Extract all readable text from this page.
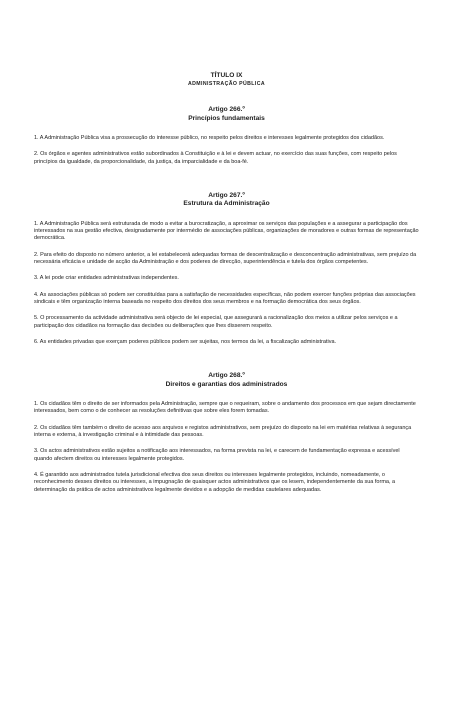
TÍTULO IX
ADMINISTRAÇÃO PÚBLICA
Artigo 266.º
Princípios fundamentais

1. A Administração Pública visa a prossecução do interesse público, no respeito pelos direitos e interesses legalmente protegidos dos cidadãos.

2. Os órgãos e agentes administrativos estão subordinados à Constituição e à lei e devem actuar, no exercício das suas funções, com respeito pelos princípios da igualdade, da proporcionalidade, da justiça, da imparcialidade e da boa-fé.

Artigo 267.º
Estrutura da Administração

1. A Administração Pública será estruturada de modo a evitar a burocratização, a aproximar os serviços das populações e a assegurar a participação dos interessados na sua gestão efectiva, designadamente por intermédio de associações públicas, organizações de moradores e outras formas de representação democrática.

2. Para efeito do disposto no número anterior, a lei estabelecerá adequadas formas de descentralização e desconcentração administrativas, sem prejuízo da necessária eficácia e unidade de acção da Administração e dos poderes de direcção, superintendência e tutela dos órgãos competentes.

3. A lei pode criar entidades administrativas independentes.

4. As associações públicas só podem ser constituídas para a satisfação de necessidades específicas, não podem exercer funções próprias das associações sindicais e têm organização interna baseada no respeito dos direitos dos seus membros e na formação democrática dos seus órgãos.

5. O processamento da actividade administrativa será objecto de lei especial, que assegurará a racionalização dos meios a utilizar pelos serviços e a participação dos cidadãos na formação das decisões ou deliberações que lhes disserem respeito.

6. As entidades privadas que exerçam poderes públicos podem ser sujeitas, nos termos da lei, a fiscalização administrativa.

Artigo 268.º
Direitos e garantias dos administrados

1. Os cidadãos têm o direito de ser informados pela Administração, sempre que o requeiram, sobre o andamento dos processos em que sejam directamente interessados, bem como o de conhecer as resoluções definitivas que sobre eles forem tomadas.

2. Os cidadãos têm também o direito de acesso aos arquivos e registos administrativos, sem prejuízo do disposto na lei em matérias relativas à segurança interna e externa, à investigação criminal e à intimidade das pessoas.

3. Os actos administrativos estão sujeitos a notificação aos interessados, na forma prevista na lei, e carecem de fundamentação expressa e acessível quando afectem direitos ou interesses legalmente protegidos.

4. É garantido aos administrados tutela jurisdicional efectiva dos seus direitos ou interesses legalmente protegidos, incluindo, nomeadamente, o reconhecimento desses direitos ou interesses, a impugnação de quaisquer actos administrativos que os lesem, independentemente da sua forma, a determinação da prática de actos administrativos legalmente devidos e a adopção de medidas cautelares adequadas.
